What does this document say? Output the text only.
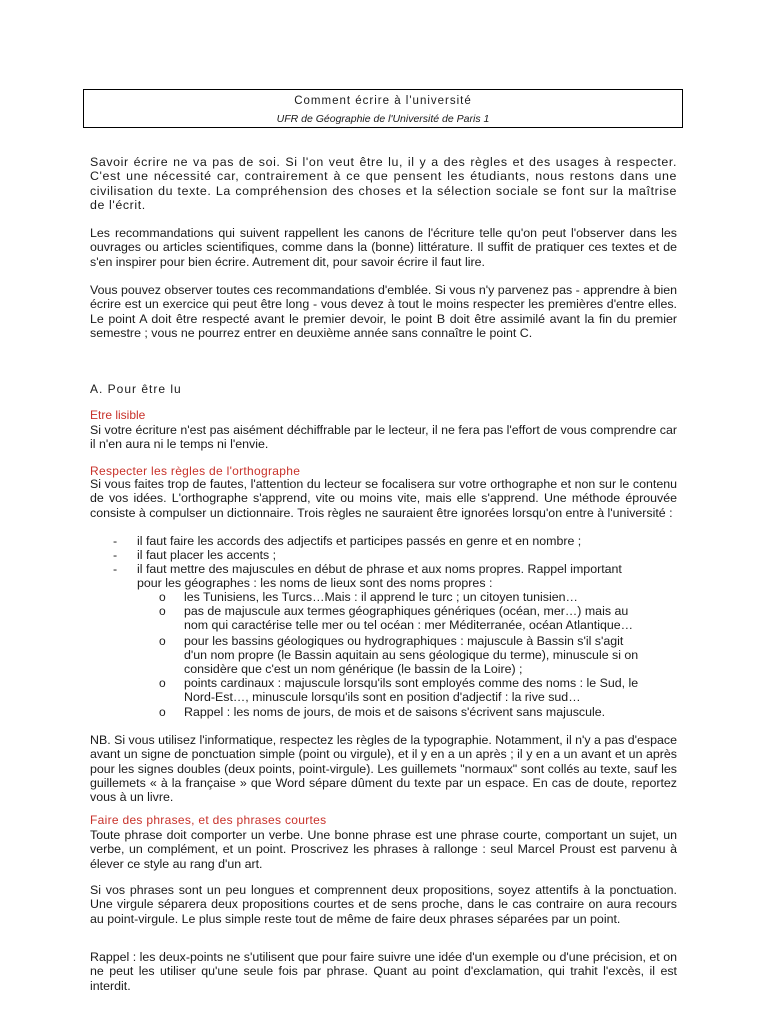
Comment écrire à l'université
UFR de Géographie de l'Université de Paris 1
Savoir écrire ne va pas de soi. Si l'on veut être lu, il y a des règles et des usages à respecter. C'est une nécessité car, contrairement à ce que pensent les étudiants, nous restons dans une civilisation du texte. La compréhension des choses et la sélection sociale se font sur la maîtrise de l'écrit.
Les recommandations qui suivent rappellent les canons de l'écriture telle qu'on peut l'observer dans les ouvrages ou articles scientifiques, comme dans la (bonne) littérature. Il suffit de pratiquer ces textes et de s'en inspirer pour bien écrire. Autrement dit, pour savoir écrire il faut lire.
Vous pouvez observer toutes ces recommandations d'emblée. Si vous n'y parvenez pas - apprendre à bien écrire est un exercice qui peut être long - vous devez à tout le moins respecter les premières d'entre elles. Le point A doit être respecté avant le premier devoir, le point B doit être assimilé avant la fin du premier semestre ; vous ne pourrez entrer en deuxième année sans connaître le point C.
A. Pour être lu
Etre lisible
Si votre écriture n'est pas aisément déchiffrable par le lecteur, il ne fera pas l'effort de vous comprendre car il n'en aura ni le temps ni l'envie.
Respecter les règles de l'orthographe
Si vous faites trop de fautes, l'attention du lecteur se focalisera sur votre orthographe et non sur le contenu de vos idées. L'orthographe s'apprend, vite ou moins vite, mais elle s'apprend. Une méthode éprouvée consiste à compulser un dictionnaire. Trois règles ne sauraient être ignorées lorsqu'on entre à l'université :
- il faut faire les accords des adjectifs et participes passés en genre et en nombre ;
- il faut placer les accents ;
- il faut mettre des majuscules en début de phrase et aux noms propres. Rappel important
pour les géographes : les noms de lieux sont des noms propres :
o les Tunisiens, les Turcs…Mais : il apprend le turc ; un citoyen tunisien…
o pas de majuscule aux termes géographiques génériques (océan, mer…) mais au
nom qui caractérise telle mer ou tel océan : mer Méditerranée, océan Atlantique…
o pour les bassins géologiques ou hydrographiques : majuscule à Bassin s'il s'agit
d'un nom propre (le Bassin aquitain au sens géologique du terme), minuscule si on
considère que c'est un nom générique (le bassin de la Loire) ;
o points cardinaux : majuscule lorsqu'ils sont employés comme des noms : le Sud, le
Nord-Est…, minuscule lorsqu'ils sont en position d'adjectif : la rive sud…
o Rappel : les noms de jours, de mois et de saisons s'écrivent sans majuscule.
NB. Si vous utilisez l'informatique, respectez les règles de la typographie. Notamment, il n'y a pas d'espace avant un signe de ponctuation simple (point ou virgule), et il y en a un après ; il y en a un avant et un après pour les signes doubles (deux points, point-virgule). Les guillemets "normaux" sont collés au texte, sauf les guillemets « à la française » que Word sépare dûment du texte par un espace. En cas de doute, reportez vous à un livre.
Faire des phrases, et des phrases courtes
Toute phrase doit comporter un verbe. Une bonne phrase est une phrase courte, comportant un sujet, un verbe, un complément, et un point. Proscrivez les phrases à rallonge : seul Marcel Proust est parvenu à élever ce style au rang d'un art.
Si vos phrases sont un peu longues et comprennent deux propositions, soyez attentifs à la ponctuation. Une virgule séparera deux propositions courtes et de sens proche, dans le cas contraire on aura recours au point-virgule. Le plus simple reste tout de même de faire deux phrases séparées par un point.
Rappel : les deux-points ne s'utilisent que pour faire suivre une idée d'un exemple ou d'une précision, et on ne peut les utiliser qu'une seule fois par phrase. Quant au point d'exclamation, qui trahit l'excès, il est interdit.
